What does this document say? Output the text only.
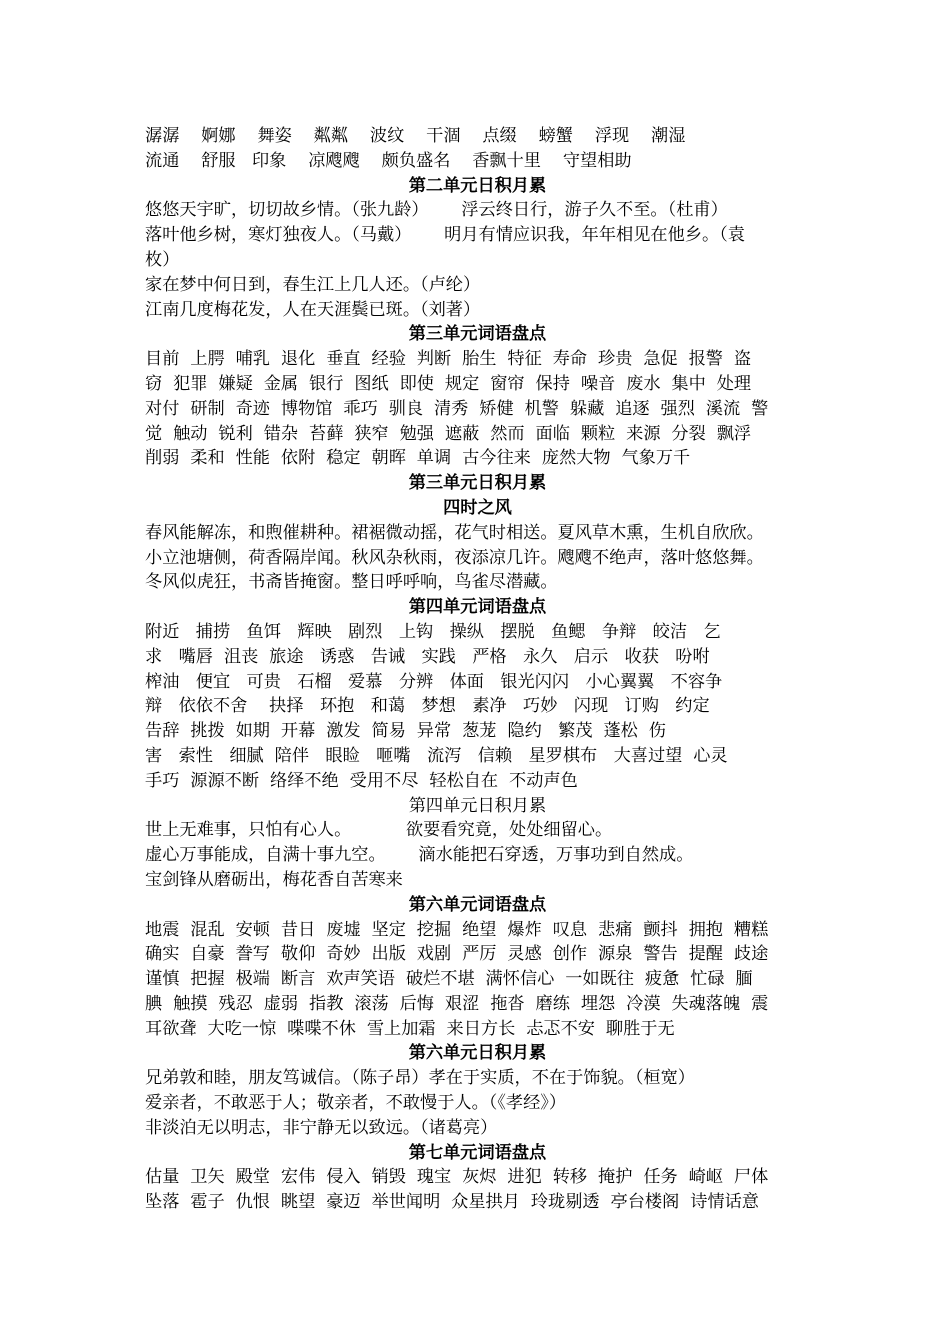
潺潺    婀娜    舞姿    粼粼    波纹    干涸    点缀    螃蟹    浮现    潮湿
流通    舒服   印象    凉飕飕    颇负盛名    香飘十里    守望相助
第二单元日积月累
悠悠天宇旷，切切故乡情。（张九龄）      浮云终日行，游子久不至。（杜甫）
落叶他乡树，寒灯独夜人。（马戴）      明月有情应识我，年年相见在他乡。（袁
枚）
家在梦中何日到，春生江上几人还。（卢纶）
江南几度梅花发，人在天涯鬓已斑。（刘著）
第三单元词语盘点
目前  上腭  哺乳  退化  垂直  经验  判断  胎生  特征  寿命  珍贵  急促  报警  盗
窃  犯罪  嫌疑  金属  银行  图纸  即使  规定  窗帘  保持  噪音  废水  集中  处理
对付  研制  奇迹  博物馆  乖巧  驯良  清秀  矫健  机警  躲藏  追逐  强烈  溪流  警
觉  触动  锐利  错杂  苔藓  狭窄  勉强  遮蔽  然而  面临  颗粒  来源  分裂  飘浮
削弱  柔和  性能  依附  稳定  朝晖  单调  古今往来  庞然大物  气象万千
第三单元日积月累
四时之风
春风能解冻，和煦催耕种。裙裾微动摇，花气时相送。夏风草木熏，生机自欣欣。
小立池塘侧，荷香隔岸闻。秋风杂秋雨，夜添凉几许。飕飕不绝声，落叶悠悠舞。
冬风似虎狂，书斋皆掩窗。整日呼呼响，鸟雀尽潜藏。
第四单元词语盘点
附近   捕捞   鱼饵   辉映   剧烈   上钩   操纵   摆脱   鱼鳃   争辩   皎洁   乞
求   嘴唇  沮丧  旅途   诱惑   告诫   实践   严格   永久   启示   收获   吩咐
榨油   便宜   可贵   石榴   爱慕   分辨   体面   银光闪闪   小心翼翼   不容争
辩   依依不舍    抉择   环抱   和蔼   梦想   素净   巧妙   闪现   订购   约定
告辞  挑拨  如期  开幕  激发  简易  异常  葱茏  隐约   繁茂  蓬松  伤
害   索性   细腻  陪伴   眼睑   咂嘴   流泻   信赖   星罗棋布   大喜过望  心灵
手巧  源源不断  络绎不绝  受用不尽  轻松自在  不动声色
第四单元日积月累
世上无难事，只怕有心人。          欲要看究竟，处处细留心。
虚心万事能成，自满十事九空。      滴水能把石穿透，万事功到自然成。
宝剑锋从磨砺出，梅花香自苦寒来
第六单元词语盘点
地震  混乱  安顿  昔日  废墟  坚定  挖掘  绝望  爆炸  叹息  悲痛  颤抖  拥抱  糟糕
确实  自豪  誊写  敬仰  奇妙  出版  戏剧  严厉  灵感  创作  源泉  警告  提醒  歧途
谨慎  把握  极端  断言  欢声笑语  破烂不堪  满怀信心  一如既往  疲惫  忙碌  腼
腆  触摸  残忍  虚弱  指教  滚荡  后悔  艰涩  拖沓  磨练  埋怨  冷漠  失魂落魄  震
耳欲聋  大吃一惊  喋喋不休  雪上加霜  来日方长  忐忑不安  聊胜于无
第六单元日积月累
兄弟敦和睦，朋友笃诚信。（陈子昂）孝在于实质，不在于饰貌。（桓宽）
爱亲者，不敢恶于人；敬亲者，不敢慢于人。（《孝经》）
非淡泊无以明志，非宁静无以致远。（诸葛亮）
第七单元词语盘点
估量  卫矢  殿堂  宏伟  侵入  销毁  瑰宝  灰烬  进犯  转移  掩护  任务  崎岖  尸体
坠落  雹子  仇恨  眺望  豪迈  举世闻明  众星拱月  玲珑剔透  亭台楼阁  诗情话意
